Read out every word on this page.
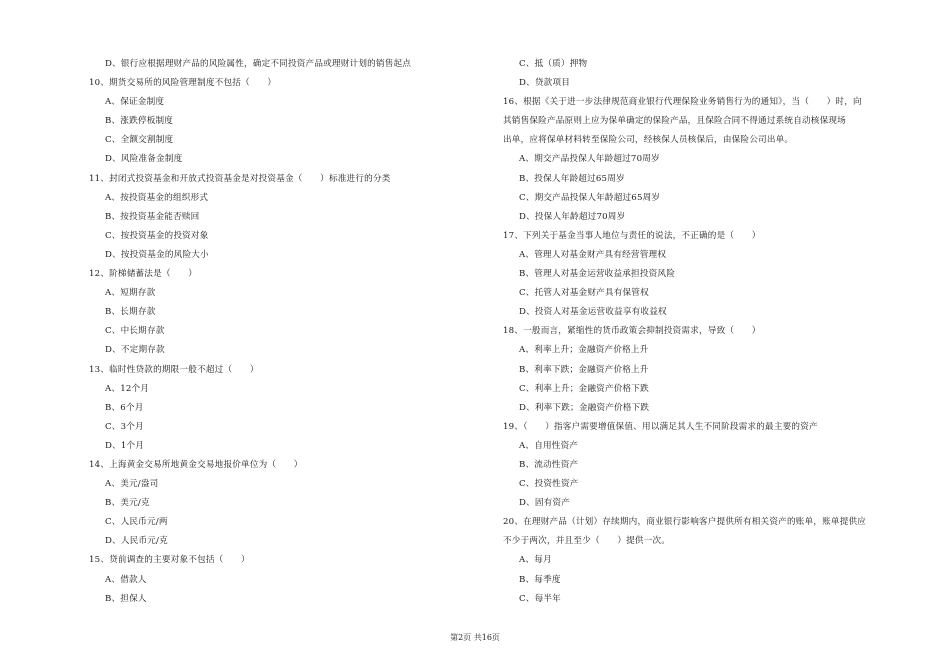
D、银行应根据理财产品的风险属性，确定不同投资产品或理财计划的销售起点
10、期货交易所的风险管理制度不包括（　　）
A、保证金制度
B、涨跌停板制度
C、全额交割制度
D、风险准备金制度
11、封闭式投资基金和开放式投资基金是对投资基金（　　）标准进行的分类
A、按投资基金的组织形式
B、按投资基金能否赎回
C、按投资基金的投资对象
D、按投资基金的风险大小
12、阶梯储蓄法是（　　）
A、短期存款
B、长期存款
C、中长期存款
D、不定期存款
13、临时性贷款的期限一般不超过（　　）
A、12个月
B、6个月
C、3个月
D、1个月
14、上海黄金交易所地黄金交易地报价单位为（　　）
A、美元/盎司
B、美元/克
C、人民币元/两
D、人民币元/克
15、贷前调查的主要对象不包括（　　）
A、借款人
B、担保人
C、抵（质）押物
D、贷款项目
16、根据《关于进一步法律规范商业银行代理保险业务销售行为的通知》，当（　　）时，向
其销售保险产品原则上应为保单确定的保险产品，且保险合同不得通过系统自动核保现场
出单，应将保单材料转至保险公司，经核保人员核保后，由保险公司出单。
A、期交产品投保人年龄超过70周岁
B、投保人年龄超过65周岁
C、期交产品投保人年龄超过65周岁
D、投保人年龄超过70周岁
17、下列关于基金当事人地位与责任的说法，不正确的是（　　）
A、管理人对基金财产具有经营管理权
B、管理人对基金运营收益承担投资风险
C、托管人对基金财产具有保管权
D、投资人对基金运营收益享有收益权
18、一般而言，紧缩性的货币政策会抑制投资需求，导致（　　）
A、利率上升；金融资产价格上升
B、利率下跌；金融资产价格上升
C、利率上升；金融资产价格下跌
D、利率下跌；金融资产价格下跌
19、（　　）指客户需要增值保值、用以满足其人生不同阶段需求的最主要的资产
A、自用性资产
B、流动性资产
C、投资性资产
D、固有资产
20、在理财产品（计划）存续期内，商业银行影响客户提供所有相关资产的账单，账单提供应
不少于两次，并且至少（　　）提供一次。
A、每月
B、每季度
C、每半年
第2页 共16页
